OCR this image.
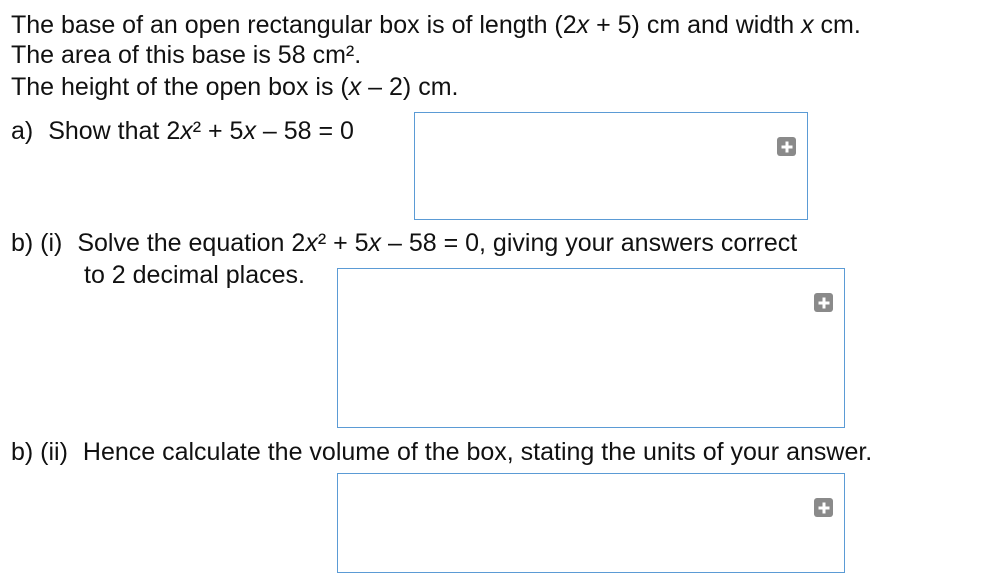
The base of an open rectangular box is of length (2x + 5) cm and width x cm.
The area of this base is 58 cm².
The height of the open box is (x – 2) cm.
a) Show that 2x² + 5x – 58 = 0
b) (i) Solve the equation 2x² + 5x – 58 = 0, giving your answers correct
to 2 decimal places.
b) (ii) Hence calculate the volume of the box, stating the units of your answer.
